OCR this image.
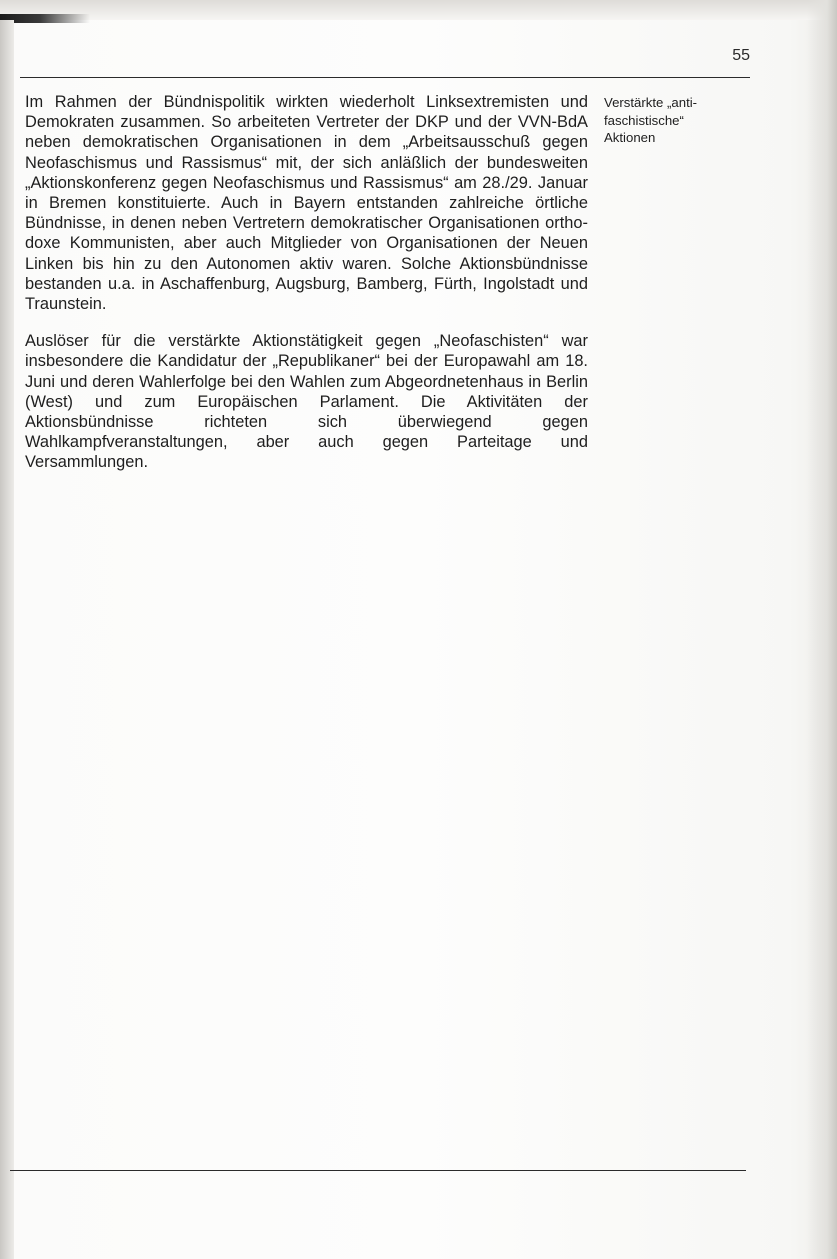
55

Im Rahmen der Bündnispolitik wirkten wiederholt Linksextremisten und Demokraten zusammen. So arbeiteten Vertreter der DKP und der VVN-BdA neben demokratischen Organisationen in dem „Arbeitsausschuß gegen Neofaschismus und Rassismus“ mit, der sich anläßlich der bundesweiten „Aktionskonferenz gegen Neofaschismus und Rassismus“ am 28./29. Januar in Bremen konstituierte. Auch in Bayern entstanden zahlreiche örtliche Bündnisse, in denen neben Vertretern demokratischer Organisationen orthodoxe Kommunisten, aber auch Mitglieder von Organisationen der Neuen Linken bis hin zu den Autonomen aktiv waren. Solche Aktionsbündnisse bestanden u.a. in Aschaffenburg, Augsburg, Bamberg, Fürth, Ingolstadt und Traunstein.

Auslöser für die verstärkte Aktionstätigkeit gegen „Neofaschisten“ war insbesondere die Kandidatur der „Republikaner“ bei der Europawahl am 18. Juni und deren Wahlerfolge bei den Wahlen zum Abgeordnetenhaus in Berlin (West) und zum Europäischen Parlament. Die Aktivitäten der Aktionsbündnisse richteten sich überwiegend gegen Wahlkampfveranstaltungen, aber auch gegen Parteitage und Versammlungen.

Verstärkte „anti-
faschistische“
Aktionen
